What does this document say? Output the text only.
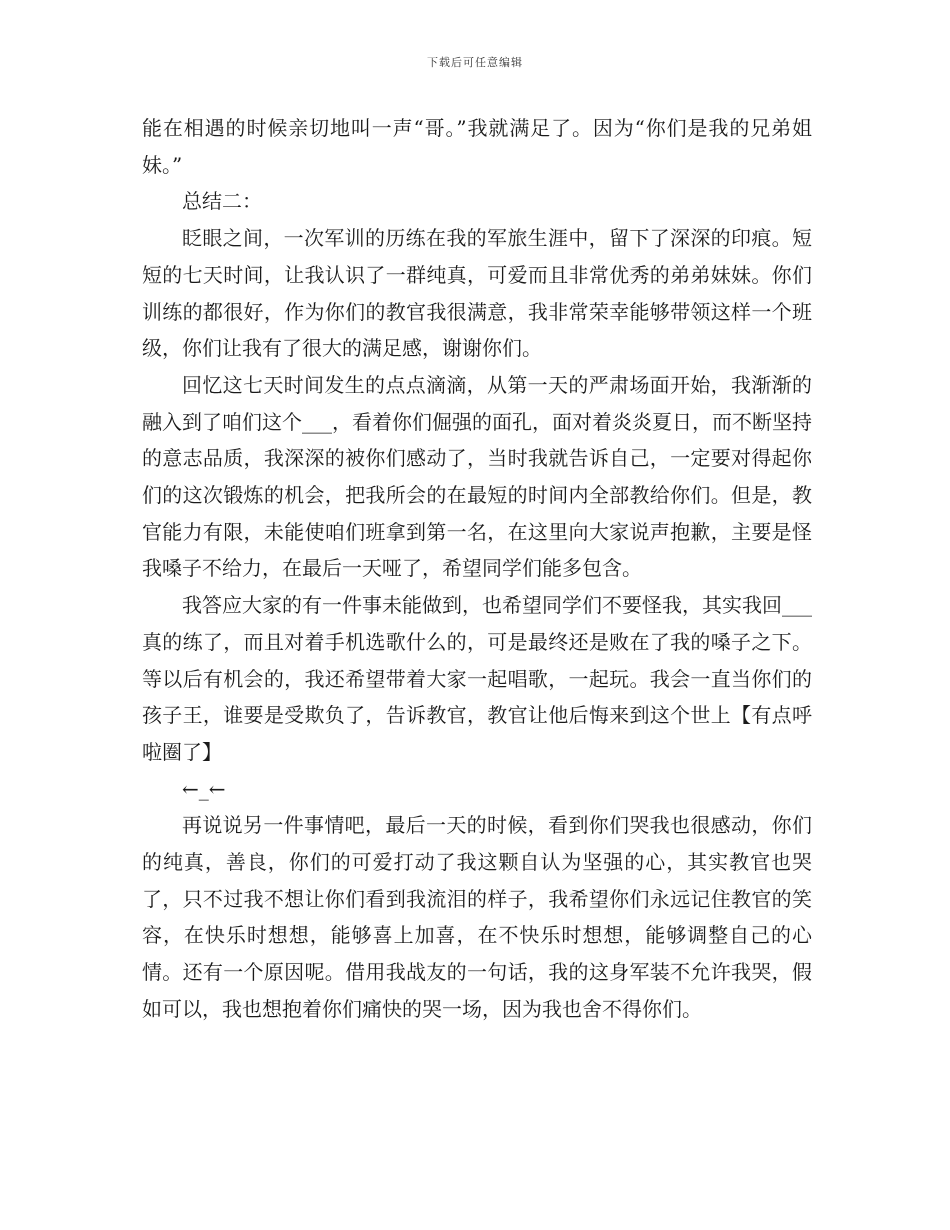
下载后可任意编辑

能在相遇的时候亲切地叫一声“哥。”我就满足了。因为“你们是我的兄弟姐妹。”

总结二：

眨眼之间，一次军训的历练在我的军旅生涯中，留下了深深的印痕。短短的七天时间，让我认识了一群纯真，可爱而且非常优秀的弟弟妹妹。你们训练的都很好，作为你们的教官我很满意，我非常荣幸能够带领这样一个班级，你们让我有了很大的满足感，谢谢你们。

回忆这七天时间发生的点点滴滴，从第一天的严肃场面开始，我渐渐的融入到了咱们这个___，看着你们倔强的面孔，面对着炎炎夏日，而不断坚持的意志品质，我深深的被你们感动了，当时我就告诉自己，一定要对得起你们的这次锻炼的机会，把我所会的在最短的时间内全部教给你们。但是，教官能力有限，未能使咱们班拿到第一名，在这里向大家说声抱歉，主要是怪我嗓子不给力，在最后一天哑了，希望同学们能多包含。

我答应大家的有一件事未能做到，也希望同学们不要怪我，其实我回___真的练了，而且对着手机选歌什么的，可是最终还是败在了我的嗓子之下。等以后有机会的，我还希望带着大家一起唱歌，一起玩。我会一直当你们的孩子王，谁要是受欺负了，告诉教官，教官让他后悔来到这个世上【有点呼啦圈了】

←_←

再说说另一件事情吧，最后一天的时候，看到你们哭我也很感动，你们的纯真，善良，你们的可爱打动了我这颗自认为坚强的心，其实教官也哭了，只不过我不想让你们看到我流泪的样子，我希望你们永远记住教官的笑容，在快乐时想想，能够喜上加喜，在不快乐时想想，能够调整自己的心情。还有一个原因呢。借用我战友的一句话，我的这身军装不允许我哭，假如可以，我也想抱着你们痛快的哭一场，因为我也舍不得你们。
